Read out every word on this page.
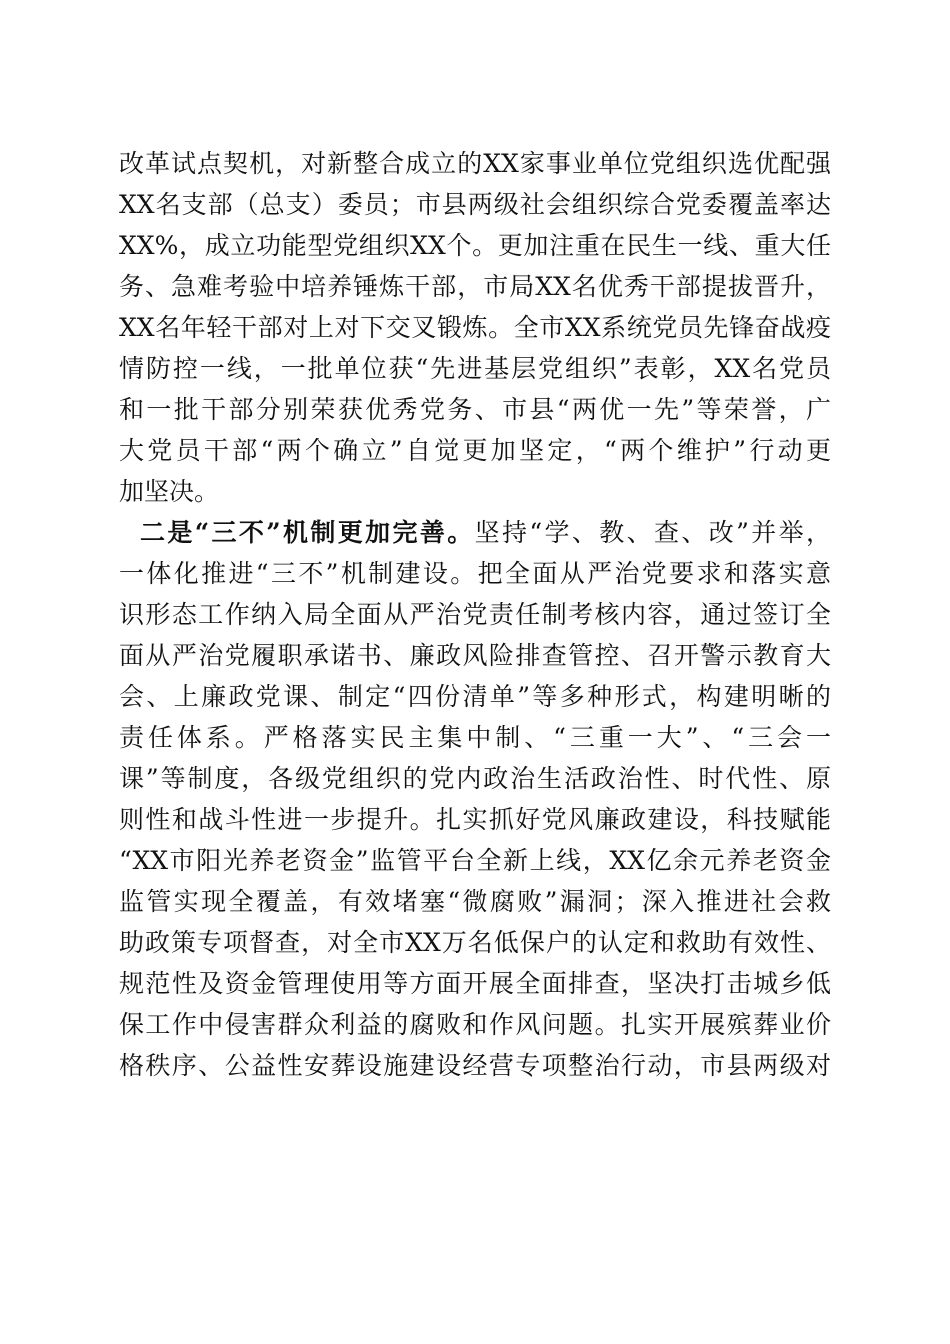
改革试点契机，对新整合成立的XX家事业单位党组织选优配强
XX名支部（总支）委员；市县两级社会组织综合党委覆盖率达
XX%，成立功能型党组织XX个。更加注重在民生一线、重大任
务、急难考验中培养锤炼干部，市局XX名优秀干部提拔晋升，
XX名年轻干部对上对下交叉锻炼。全市XX系统党员先锋奋战疫
情防控一线，一批单位获“先进基层党组织”表彰，XX名党员
和一批干部分别荣获优秀党务、市县“两优一先”等荣誉，广
大党员干部“两个确立”自觉更加坚定，“两个维护”行动更
加坚决。
二是“三不”机制更加完善。坚持“学、教、查、改”并举，
一体化推进“三不”机制建设。把全面从严治党要求和落实意
识形态工作纳入局全面从严治党责任制考核内容，通过签订全
面从严治党履职承诺书、廉政风险排查管控、召开警示教育大
会、上廉政党课、制定“四份清单”等多种形式，构建明晰的
责任体系。严格落实民主集中制、“三重一大”、“三会一
课”等制度，各级党组织的党内政治生活政治性、时代性、原
则性和战斗性进一步提升。扎实抓好党风廉政建设，科技赋能
“XX市阳光养老资金”监管平台全新上线，XX亿余元养老资金
监管实现全覆盖，有效堵塞“微腐败”漏洞；深入推进社会救
助政策专项督查，对全市XX万名低保户的认定和救助有效性、
规范性及资金管理使用等方面开展全面排查，坚决打击城乡低
保工作中侵害群众利益的腐败和作风问题。扎实开展殡葬业价
格秩序、公益性安葬设施建设经营专项整治行动，市县两级对
